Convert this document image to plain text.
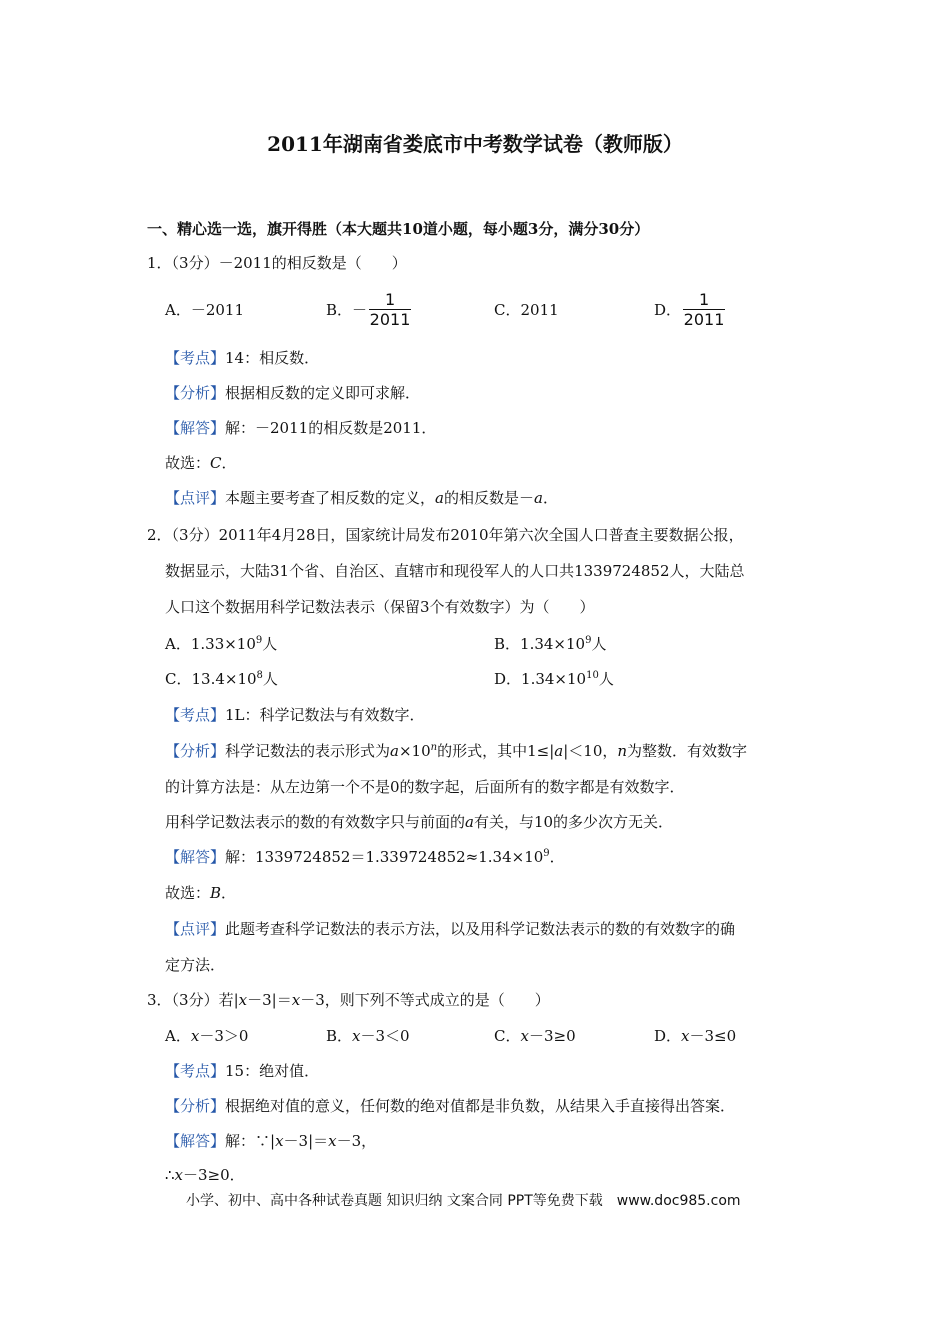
2011年湖南省娄底市中考数学试卷（教师版）
一、精心选一选，旗开得胜（本大题共10道小题，每小题3分，满分30分）
1．（3分）－2011的相反数是（　　）
A．－2011	B．－ $\frac{1}{2011}$	C．2011	D． $\frac{1}{2011}$
【考点】14：相反数．
【分析】根据相反数的定义即可求解．
【解答】解：－2011的相反数是2011．
故选：C．
【点评】本题主要考查了相反数的定义，a的相反数是－a．
2．（3分）2011年4月28日，国家统计局发布2010年第六次全国人口普查主要数据公报，
数据显示，大陆31个省、自治区、直辖市和现役军人的人口共1339724852人，大陆总
人口这个数据用科学记数法表示（保留3个有效数字）为（　　）
A．$1.33\times 10^9$人	B．$1.34\times 10^9$人
C．$13.4\times 10^8$人	D．$1.34\times 10^{10}$人
【考点】1L：科学记数法与有效数字．
【分析】科学记数法的表示形式为$a\times 10^n$的形式，其中1≤|a|＜10，n为整数．有效数字
的计算方法是：从左边第一个不是0的数字起，后面所有的数字都是有效数字．
用科学记数法表示的数的有效数字只与前面的a有关，与10的多少次方无关．
【解答】解：$1339724852=1.339724852\approx 1.34\times 10^9$．
故选：B．
【点评】此题考查科学记数法的表示方法，以及用科学记数法表示的数的有效数字的确
定方法．
3．（3分）若|x－3|＝x－3，则下列不等式成立的是（　　）
A．x－3＞0	B．x－3＜0	C．x－3≥0	D．x－3≤0
【考点】15：绝对值．
【分析】根据绝对值的意义，任何数的绝对值都是非负数，从结果入手直接得出答案．
【解答】解：∵|x－3|＝x－3，
∴x－3≥0．
小学、初中、高中各种试卷真题 知识归纳 文案合同 PPT等免费下载　www.doc985.com
